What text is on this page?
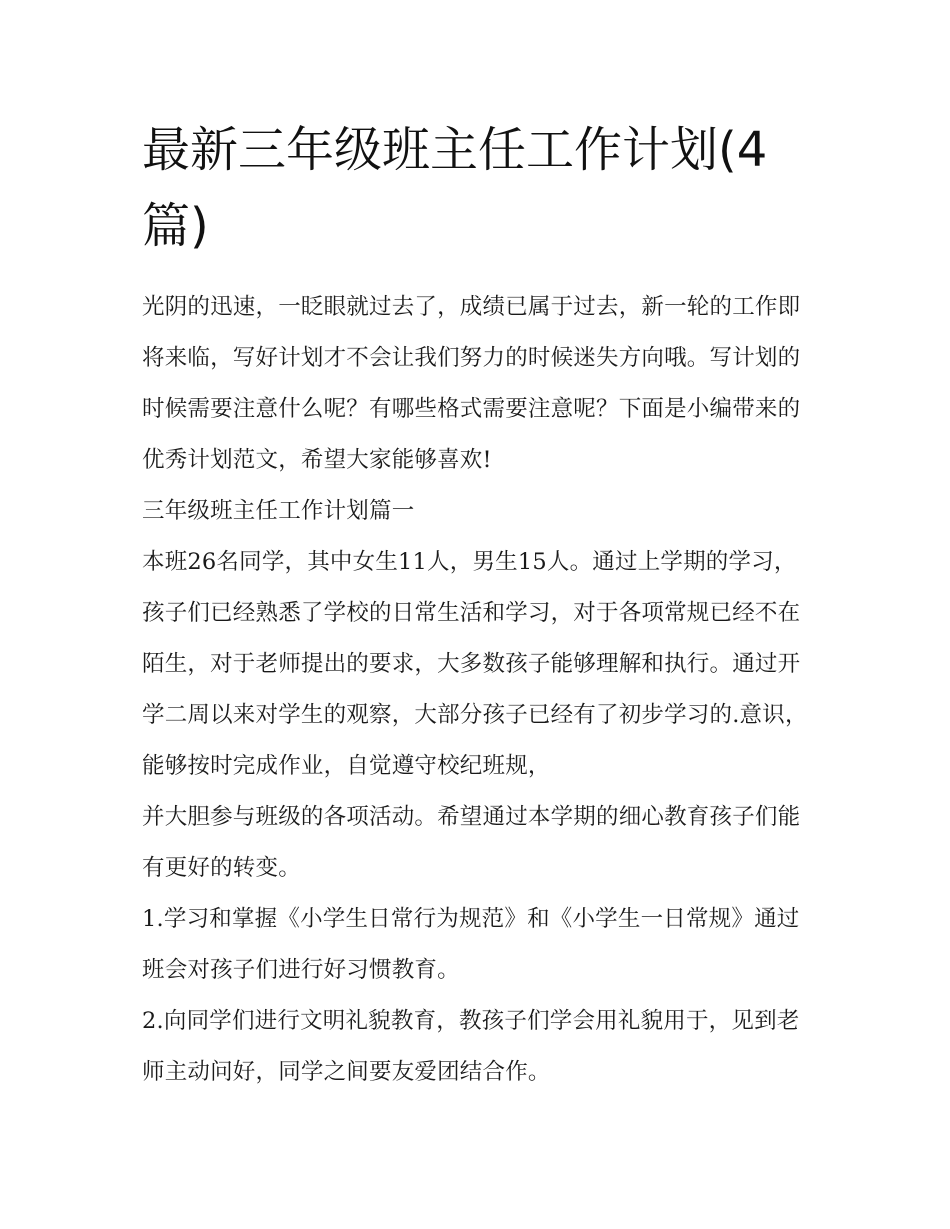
最新三年级班主任工作计划(4篇)

光阴的迅速，一眨眼就过去了，成绩已属于过去，新一轮的工作即将来临，写好计划才不会让我们努力的时候迷失方向哦。写计划的时候需要注意什么呢？有哪些格式需要注意呢？下面是小编带来的优秀计划范文，希望大家能够喜欢!

三年级班主任工作计划篇一

本班26名同学，其中女生11人，男生15人。通过上学期的学习，孩子们已经熟悉了学校的日常生活和学习，对于各项常规已经不在陌生，对于老师提出的要求，大多数孩子能够理解和执行。通过开学二周以来对学生的观察，大部分孩子已经有了初步学习的.意识，能够按时完成作业，自觉遵守校纪班规，

并大胆参与班级的各项活动。希望通过本学期的细心教育孩子们能有更好的转变。

1.学习和掌握《小学生日常行为规范》和《小学生一日常规》通过班会对孩子们进行好习惯教育。

2.向同学们进行文明礼貌教育，教孩子们学会用礼貌用于，见到老师主动问好，同学之间要友爱团结合作。
